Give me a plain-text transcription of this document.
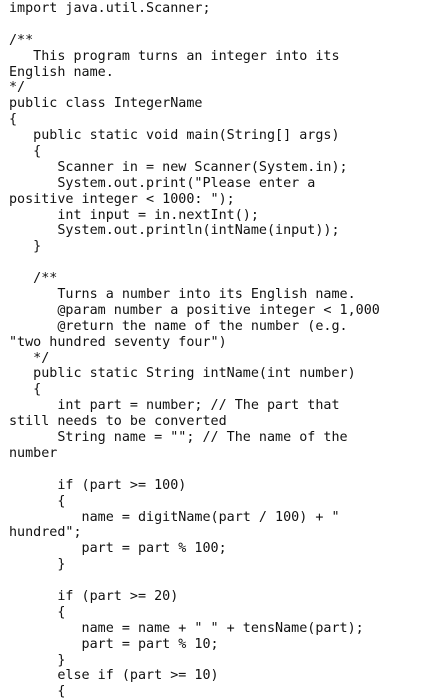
import java.util.Scanner;
/**
This program turns an integer into its
English name.
*/
public class IntegerName
{
public static void main(String[] args)
{
Scanner in = new Scanner(System.in);
System.out.print("Please enter a
positive integer < 1000: ");
int input = in.nextInt();
System.out.println(intName(input));
}
/**
Turns a number into its English name.
@param number a positive integer < 1,000
@return the name of the number (e.g.
"two hundred seventy four")
*/
public static String intName(int number)
{
int part = number; // The part that
still needs to be converted
String name = ""; // The name of the
number
if (part >= 100)
{
name = digitName(part / 100) + "
hundred";
part = part % 100;
}
if (part >= 20)
{
name = name + " " + tensName(part);
part = part % 10;
}
else if (part >= 10)
{
